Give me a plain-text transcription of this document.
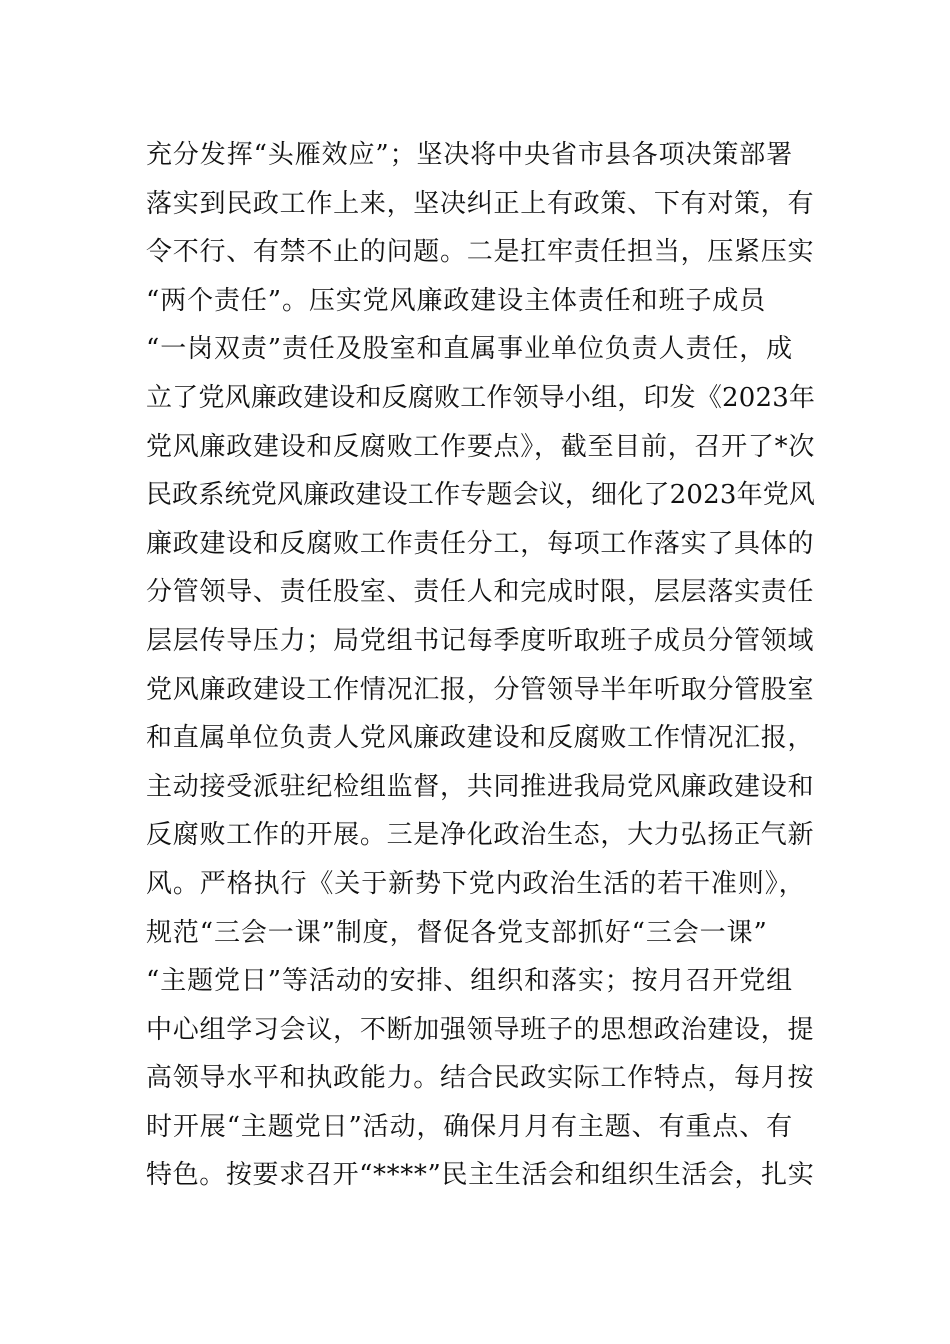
充分发挥“头雁效应”；坚决将中央省市县各项决策部署
落实到民政工作上来，坚决纠正上有政策、下有对策，有
令不行、有禁不止的问题。二是扛牢责任担当，压紧压实
“两个责任”。压实党风廉政建设主体责任和班子成员
“一岗双责”责任及股室和直属事业单位负责人责任，成
立了党风廉政建设和反腐败工作领导小组，印发《2023年
党风廉政建设和反腐败工作要点》，截至目前，召开了*次
民政系统党风廉政建设工作专题会议，细化了2023年党风
廉政建设和反腐败工作责任分工，每项工作落实了具体的
分管领导、责任股室、责任人和完成时限，层层落实责任
层层传导压力；局党组书记每季度听取班子成员分管领域
党风廉政建设工作情况汇报，分管领导半年听取分管股室
和直属单位负责人党风廉政建设和反腐败工作情况汇报，
主动接受派驻纪检组监督，共同推进我局党风廉政建设和
反腐败工作的开展。三是净化政治生态，大力弘扬正气新
风。严格执行《关于新势下党内政治生活的若干准则》，
规范“三会一课”制度，督促各党支部抓好“三会一课”
“主题党日”等活动的安排、组织和落实；按月召开党组
中心组学习会议，不断加强领导班子的思想政治建设，提
高领导水平和执政能力。结合民政实际工作特点，每月按
时开展“主题党日”活动，确保月月有主题、有重点、有
特色。按要求召开“****”民主生活会和组织生活会，扎实
